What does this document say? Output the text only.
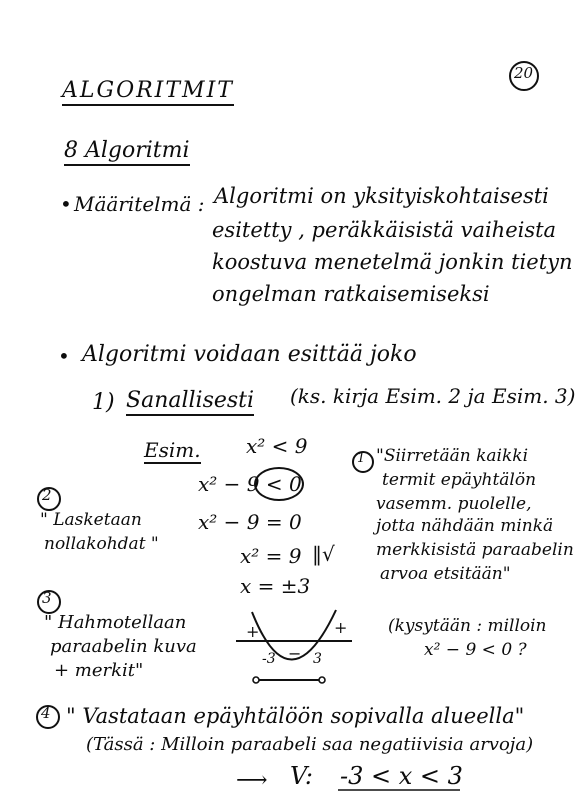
20
ALGORITMIT
8 Algoritmi
• Määritelmä : Algoritmi on yksityiskohtaisesti
esitetty , peräkkäisistä vaiheista
koostuva menetelmä jonkin tietyn
ongelman ratkaisemiseksi
• Algoritmi voidaan esittää joko
1) Sanallisesti (ks. kirja Esim. 2 ja Esim. 3)
Esim. x² < 9
x² − 9 < 0
x² − 9 = 0
x² = 9 ‖√
x = ±3
1 "Siirretään kaikki
termit epäyhtälön
vasemm. puolelle,
jotta nähdään minkä
merkkisistä paraabelin
arvoa etsitään"
2
" Lasketaan
nollakohdat "
3
" Hahmotellaan
paraabelin kuva
+ merkit"
+	+
−
-3	3
(kysytään : milloin
x² − 9 < 0 ?
4 " Vastataan epäyhtälöön sopivalla alueella"
(Tässä : Milloin paraabeli saa negatiivisia arvoja)
⟶ V: -3 < x < 3
